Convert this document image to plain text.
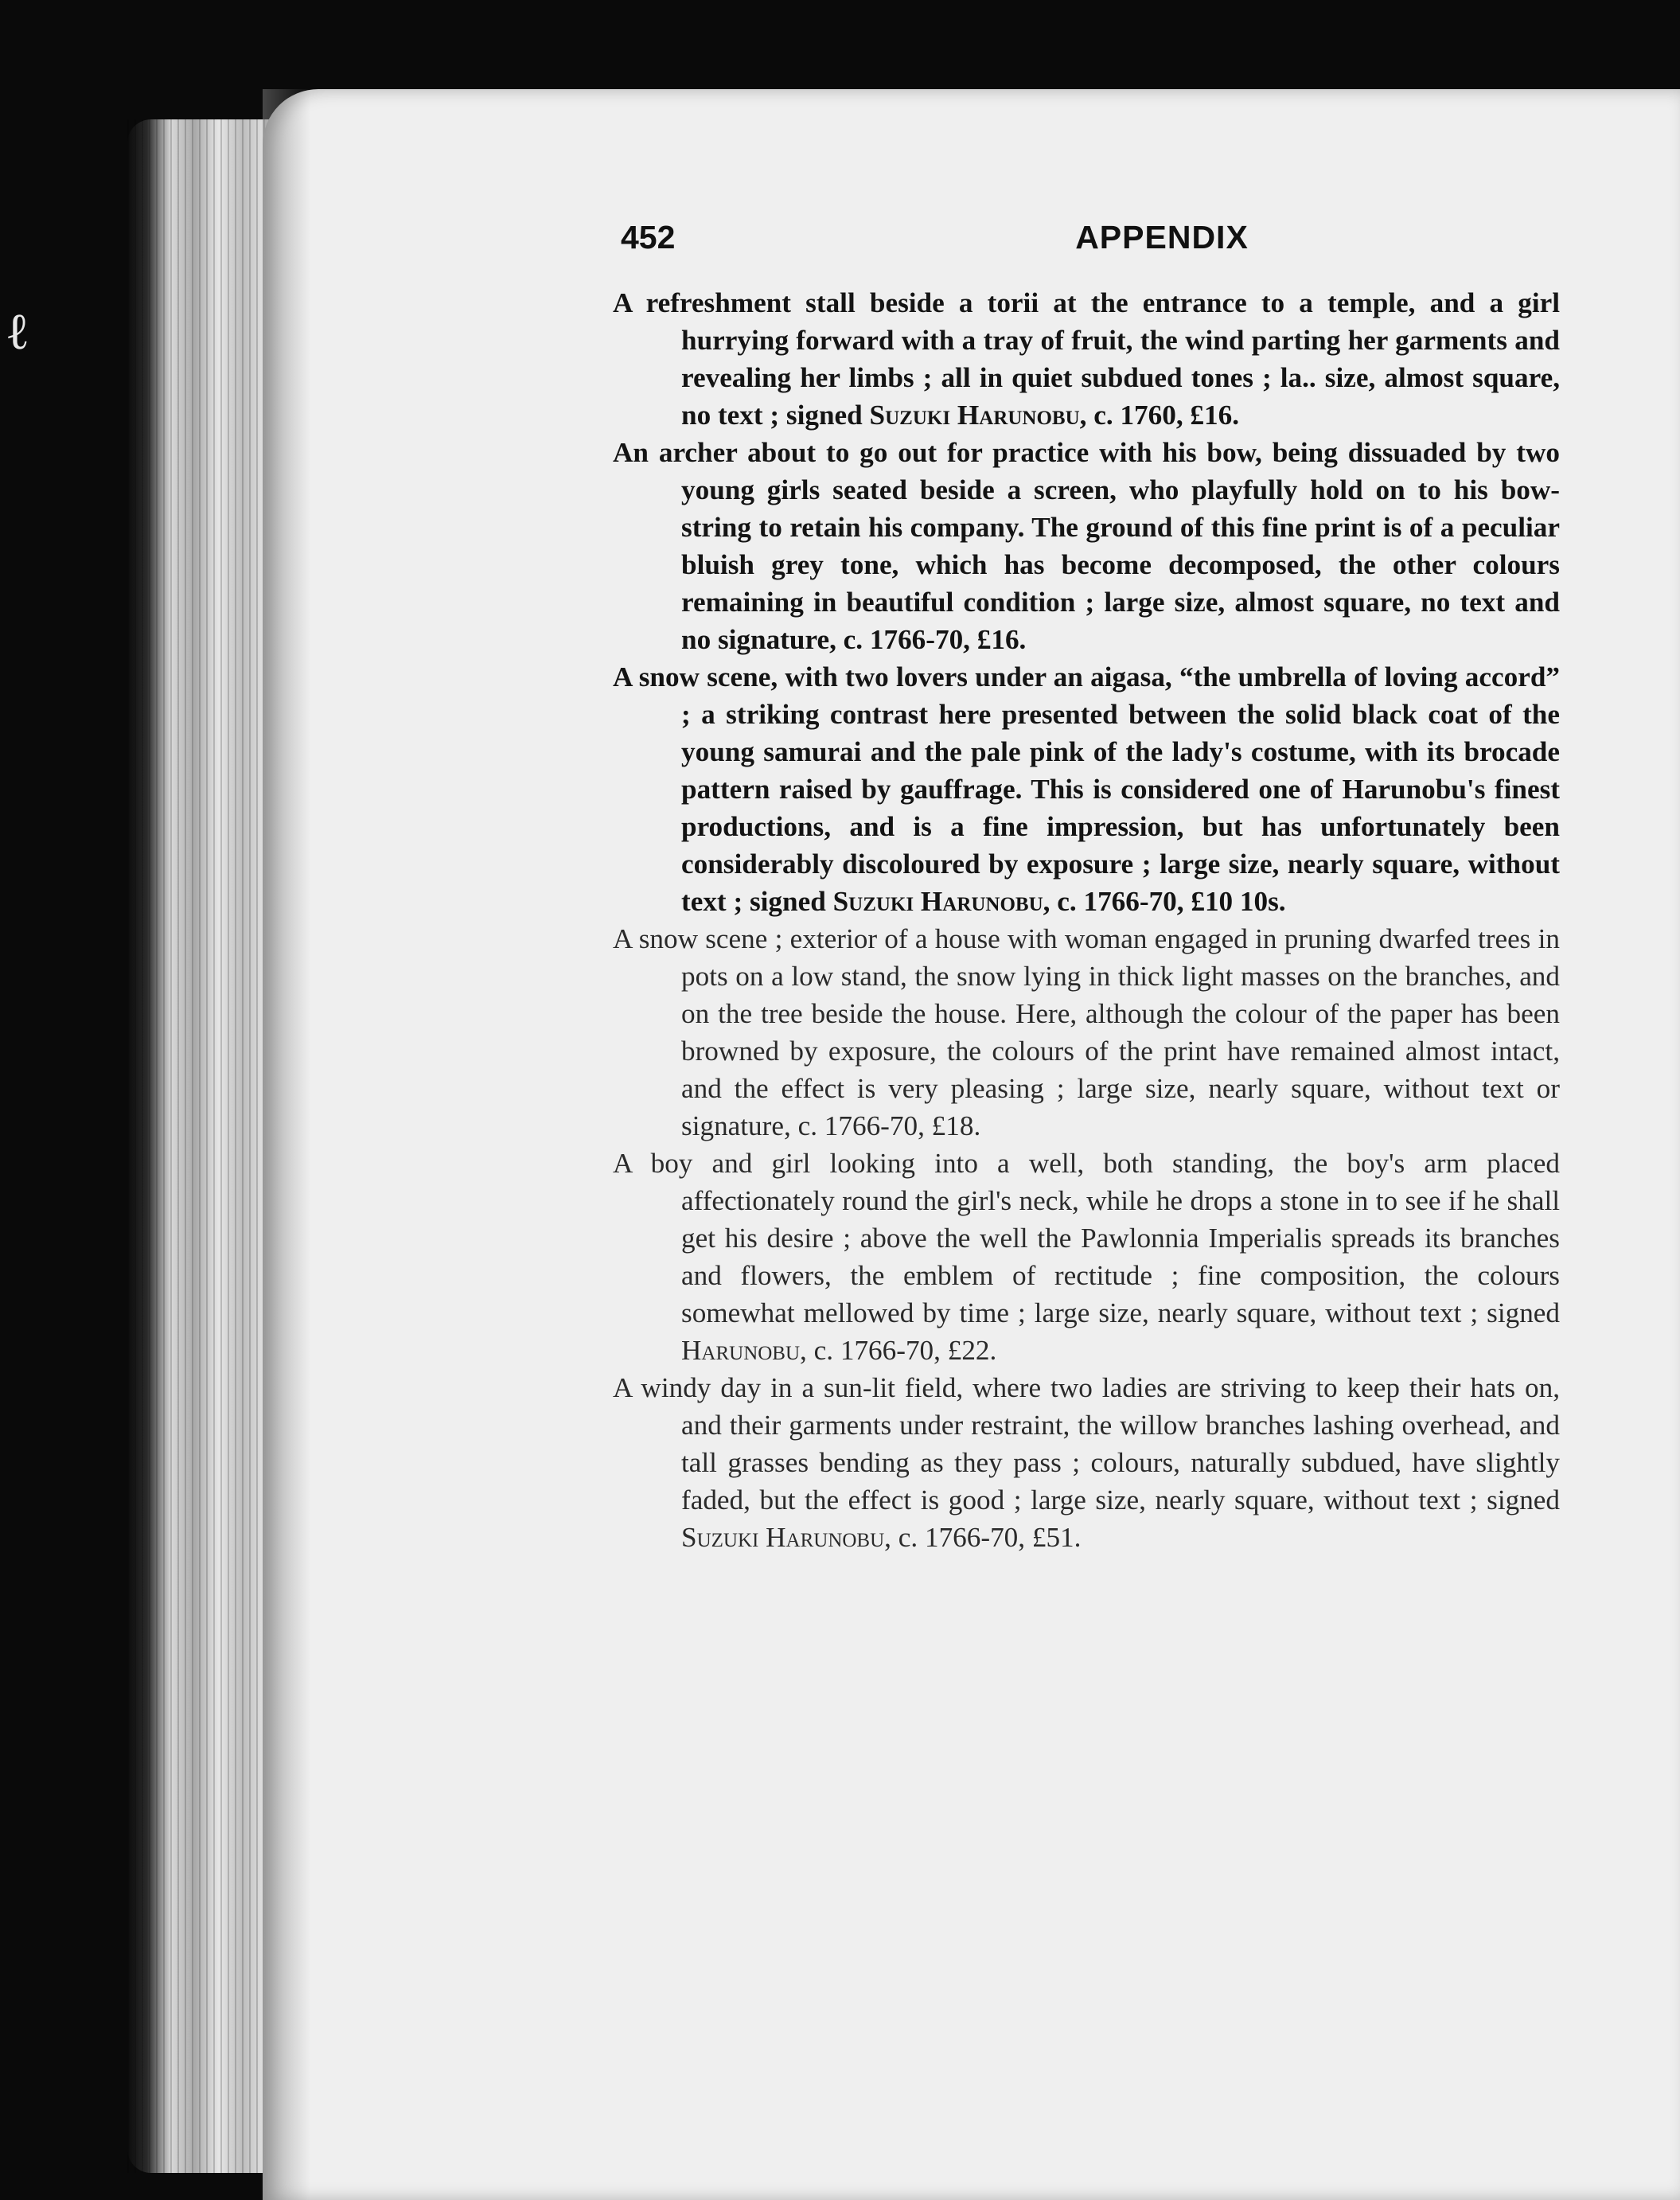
ℓ
452	APPENDIX

A refreshment stall beside a torii at the entrance to a temple, and a girl hurrying forward with a tray of fruit, the wind parting her garments and revealing her limbs ; all in quiet subdued tones ; la.. size, almost square, no text ; signed Suzuki Harunobu, c. 1760, £16.

An archer about to go out for practice with his bow, being dissuaded by two young girls seated beside a screen, who playfully hold on to his bow-string to retain his company. The ground of this fine print is of a peculiar bluish grey tone, which has become decomposed, the other colours remaining in beautiful condition ; large size, almost square, no text and no signature, c. 1766-70, £16.

A snow scene, with two lovers under an aigasa, “the umbrella of loving accord” ; a striking contrast here presented between the solid black coat of the young samurai and the pale pink of the lady's costume, with its brocade pattern raised by gauffrage. This is considered one of Harunobu's finest productions, and is a fine impression, but has unfortunately been considerably discoloured by exposure ; large size, nearly square, without text ; signed Suzuki Harunobu, c. 1766-70, £10 10s.

A snow scene ; exterior of a house with woman engaged in pruning dwarfed trees in pots on a low stand, the snow lying in thick light masses on the branches, and on the tree beside the house. Here, although the colour of the paper has been browned by exposure, the colours of the print have remained almost intact, and the effect is very pleasing ; large size, nearly square, without text or signature, c. 1766-70, £18.

A boy and girl looking into a well, both standing, the boy's arm placed affectionately round the girl's neck, while he drops a stone in to see if he shall get his desire ; above the well the Pawlonnia Imperialis spreads its branches and flowers, the emblem of rectitude ; fine composition, the colours somewhat mellowed by time ; large size, nearly square, without text ; signed Harunobu, c. 1766-70, £22.

A windy day in a sun-lit field, where two ladies are striving to keep their hats on, and their garments under restraint, the willow branches lashing overhead, and tall grasses bending as they pass ; colours, naturally subdued, have slightly faded, but the effect is good ; large size, nearly square, without text ; signed Suzuki Harunobu, c. 1766-70, £51.
